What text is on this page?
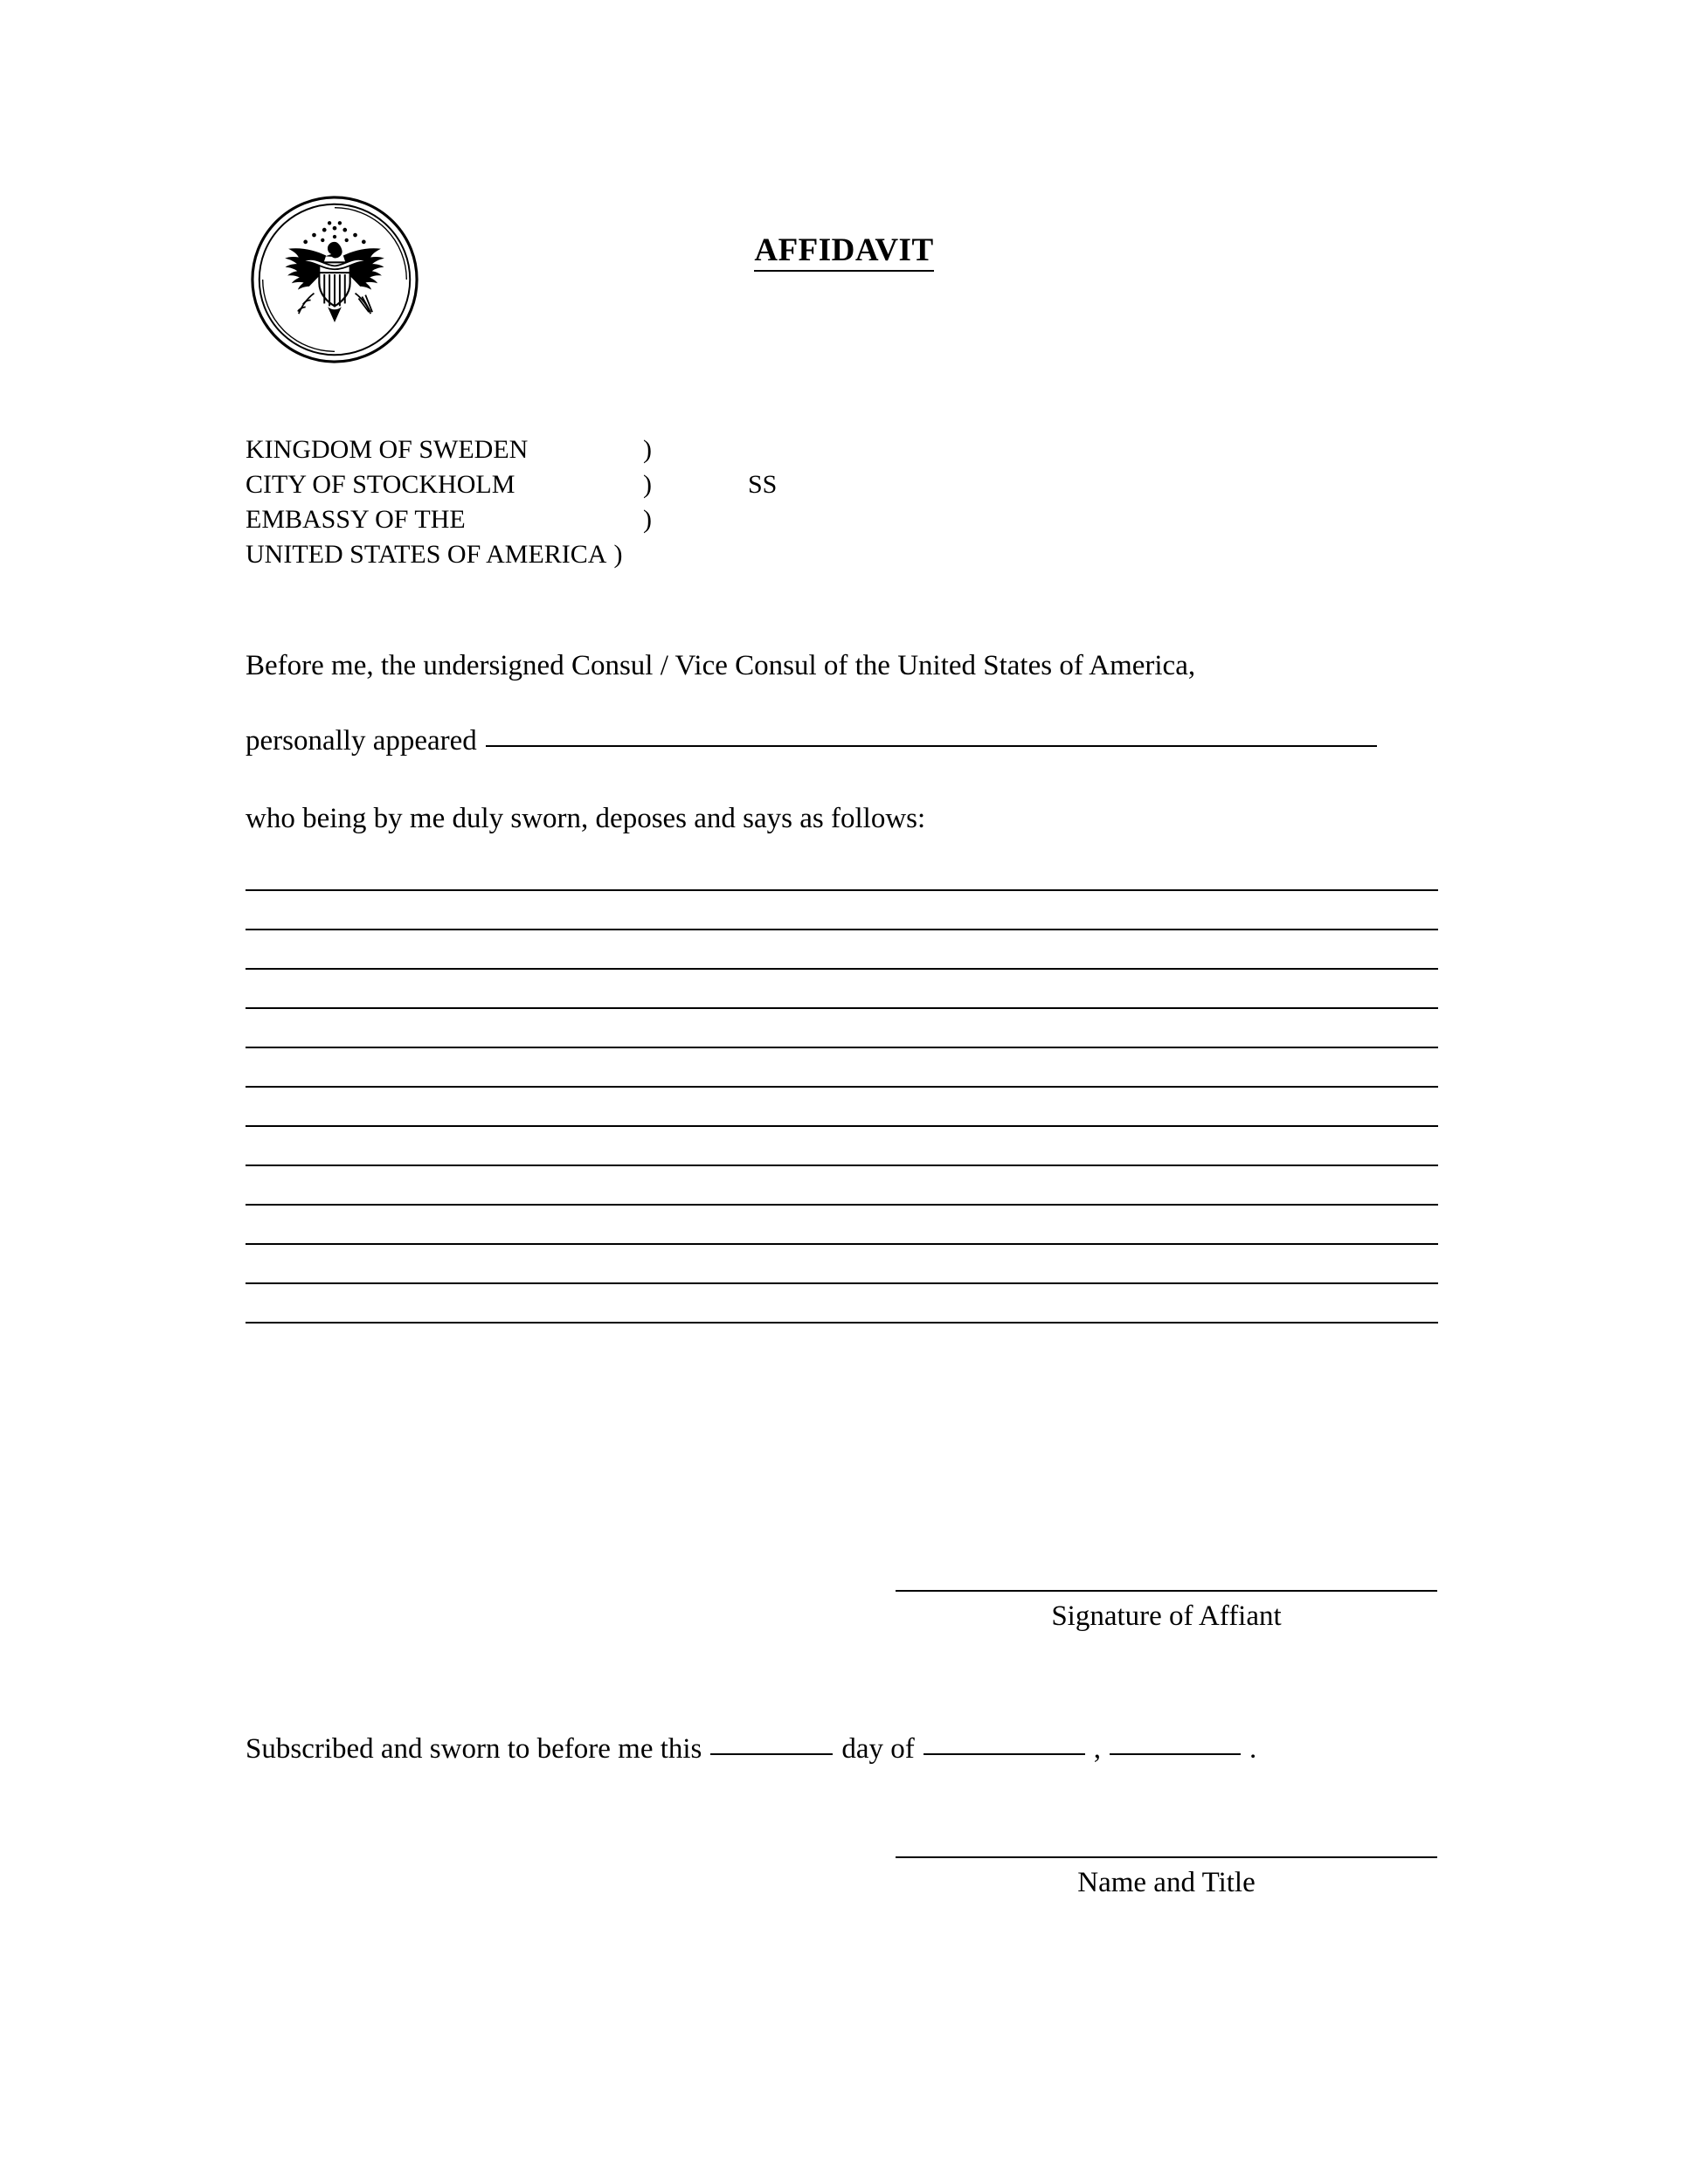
AFFIDAVIT
KINGDOM OF SWEDEN	)
CITY OF STOCKHOLM	)	SS
EMBASSY OF THE	)
UNITED STATES OF AMERICA )
Before me, the undersigned Consul / Vice Consul of the United States of America,
personally appeared
who being by me duly sworn, deposes and says as follows:
Signature of Affiant
Subscribed and sworn to before me this	day of	,	.
Name and Title
